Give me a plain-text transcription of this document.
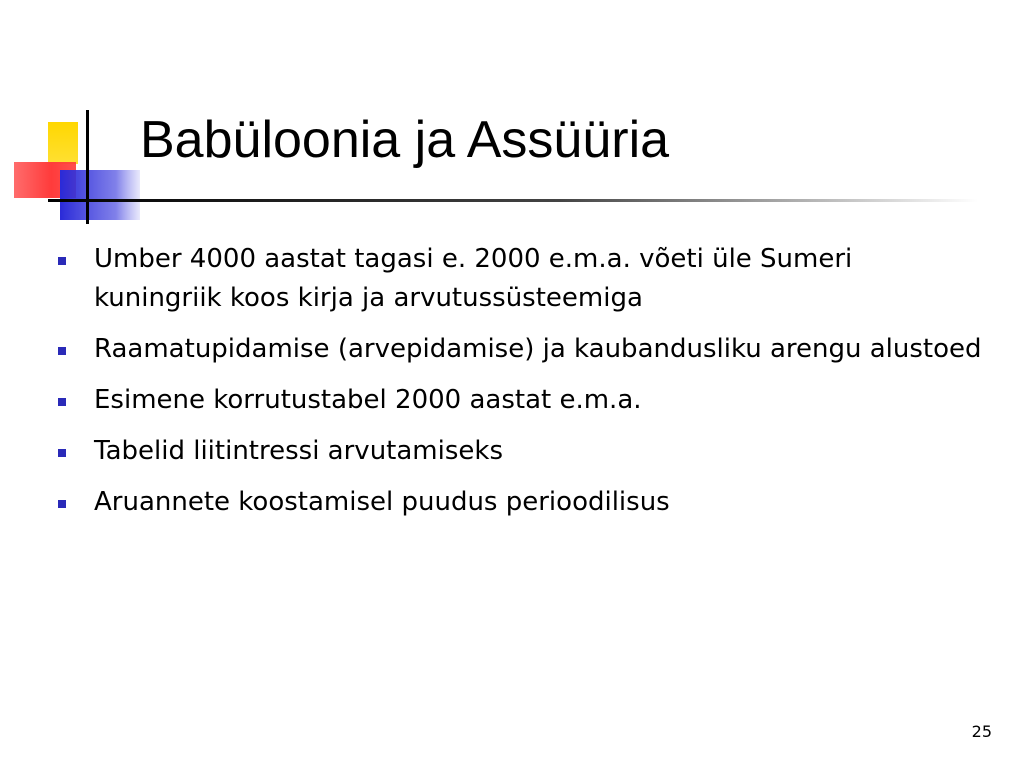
Babüloonia ja Assüüria
Umber 4000 aastat tagasi e. 2000 e.m.a. võeti üle Sumeri kuningriik koos kirja ja arvutussüsteemiga
Raamatupidamise (arvepidamise) ja kaubandusliku arengu alustoed
Esimene korrutustabel 2000 aastat e.m.a.
Tabelid liitintressi arvutamiseks
Aruannete koostamisel puudus perioodilisus
25
